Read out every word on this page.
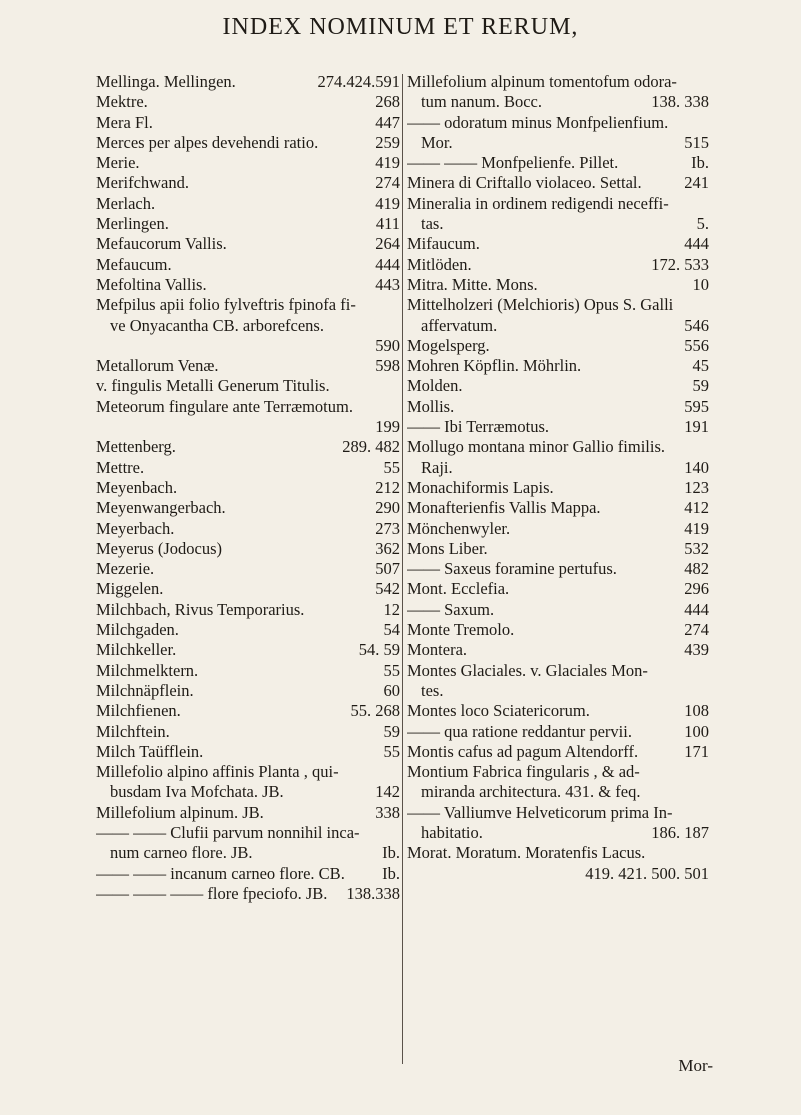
INDEX NOMINUM ET RERUM,
Mellinga. Mellingen.	274.424.591
Mektre.	268
Mera Fl.	447
Merces per alpes devehendi ratio.	259
Merie.	419
Merifchwand.	274
Merlach.	419
Merlingen.	411
Mefaucorum Vallis.	264
Mefaucum.	444
Mefoltina Vallis.	443
Mefpilus apii folio fylveftris fpinofa fi-
ve Onyacantha CB. arborefcens.
590
Metallorum Venæ.	598
v. fingulis Metalli Generum Titulis.
Meteorum fingulare ante Terræmotum.
199
Mettenberg.	289. 482
Mettre.	55
Meyenbach.	212
Meyenwangerbach.	290
Meyerbach.	273
Meyerus (Jodocus)	362
Mezerie.	507
Miggelen.	542
Milchbach, Rivus Temporarius.	12
Milchgaden.	54
Milchkeller.	54. 59
Milchmelktern.	55
Milchnäpflein.	60
Milchfienen.	55. 268
Milchftein.	59
Milch Taüfflein.	55
Millefolio alpino affinis Planta , qui-
busdam Iva Mofchata. JB.	142
Millefolium alpinum. JB.	338
—— —— Clufii parvum nonnihil inca-
num carneo flore. JB.	Ib.
—— —— incanum carneo flore. CB.	Ib.
—— —— —— flore fpeciofo. JB.	138.338
Millefolium alpinum tomentofum odora-
tum nanum. Bocc.	138. 338
—— odoratum minus Monfpelienfium.
Mor.	515
—— —— Monfpelienfe. Pillet.	Ib.
Minera di Criftallo violaceo. Settal.	241
Mineralia in ordinem redigendi neceffi-
tas.	5.
Mifaucum.	444
Mitlöden.	172. 533
Mitra. Mitte. Mons.	10
Mittelholzeri (Melchioris) Opus S. Galli
affervatum.	546
Mogelsperg.	556
Mohren Köpflin. Möhrlin.	45
Molden.	59
Mollis.	595
—— Ibi Terræmotus.	191
Mollugo montana minor Gallio fimilis.
Raji.	140
Monachiformis Lapis.	123
Monafterienfis Vallis Mappa.	412
Mönchenwyler.	419
Mons Liber.	532
—— Saxeus foramine pertufus.	482
Mont. Ecclefia.	296
—— Saxum.	444
Monte Tremolo.	274
Montera.	439
Montes Glaciales. v. Glaciales Mon-
tes.
Montes loco Sciatericorum.	108
—— qua ratione reddantur pervii.	100
Montis cafus ad pagum Altendorff.	171
Montium Fabrica fingularis , & ad-
miranda architectura. 431. & feq.
—— Valliumve Helveticorum prima In-
habitatio.	186. 187
Morat. Moratum. Moratenfis Lacus.
419. 421. 500. 501
Mor-
